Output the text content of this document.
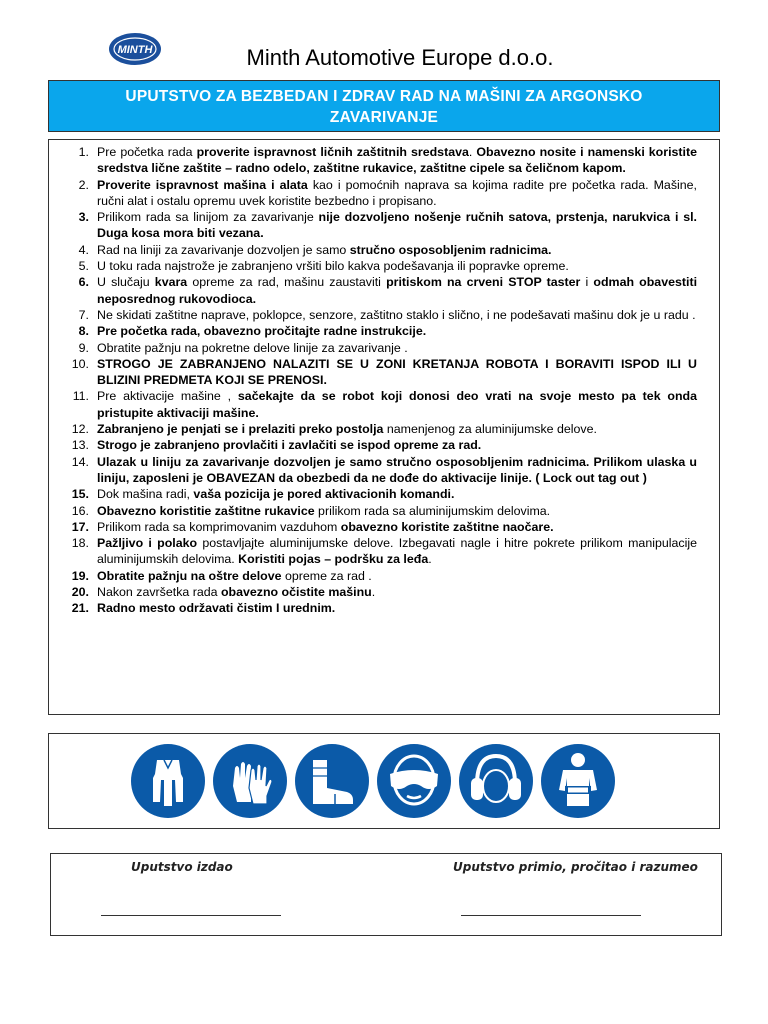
MINTH	Minth Automotive Europe d.o.o.
UPUTSTVO ZA BEZBEDAN I ZDRAV RAD NA MAŠINI ZA ARGONSKO
ZAVARIVANJE
1. Pre početka rada proverite ispravnost ličnih zaštitnih sredstava. Obavezno nosite i namenski koristite sredstva lične zaštite – radno odelo, zaštitne rukavice, zaštitne cipele sa čeličnom kapom.
2. Proverite ispravnost mašina i alata kao i pomoćnih naprava sa kojima radite pre početka rada. Mašine, ručni alat i ostalu opremu uvek koristite bezbedno i propisano.
3. Prilikom rada sa linijom za zavarivanje nije dozvoljeno nošenje ručnih satova, prstenja, narukvica i sl. Duga kosa mora biti vezana.
4. Rad na liniji za zavarivanje dozvoljen je samo stručno osposobljenim radnicima.
5. U toku rada najstrože je zabranjeno vršiti bilo kakva podešavanja ili popravke opreme.
6. U slučaju kvara opreme za rad, mašinu zaustaviti pritiskom na crveni STOP taster i odmah obavestiti neposrednog rukovodioca.
7. Ne skidati zaštitne naprave, poklopce, senzore, zaštitno staklo i slično, i ne podešavati mašinu dok je u radu .
8. Pre početka rada, obavezno pročitajte radne instrukcije.
9. Obratite pažnju na pokretne delove linije za zavarivanje .
10. STROGO JE ZABRANJENO NALAZITI SE U ZONI KRETANJA ROBOTA I BORAVITI ISPOD ILI U BLIZINI PREDMETA KOJI SE PRENOSI.
11. Pre aktivacije mašine , sačekajte da se robot koji donosi deo vrati na svoje mesto pa tek onda pristupite aktivaciji mašine.
12. Zabranjeno je penjati se i prelaziti preko postolja namenjenog za aluminijumske delove.
13. Strogo je zabranjeno provlačiti i zavlačiti se ispod opreme za rad.
14. Ulazak u liniju za zavarivanje dozvoljen je samo stručno osposobljenim radnicima. Prilikom ulaska u liniju, zaposleni je OBAVEZAN da obezbedi da ne dođe do aktivacije linije. ( Lock out tag out )
15. Dok mašina radi, vaša pozicija je pored aktivacionih komandi.
16. Obavezno koristitie zaštitne rukavice prilikom rada sa aluminijumskim delovima.
17. Prilikom rada sa komprimovanim vazduhom obavezno koristite zaštitne naočare.
18. Pažljivo i polako postavljajte aluminijumske delove. Izbegavati nagle i hitre pokrete prilikom manipulacije aluminijumskih delovima. Koristiti pojas – podršku za leđa.
19. Obratite pažnju na oštre delove opreme za rad .
20. Nakon završetka rada obavezno očistite mašinu.
21. Radno mesto održavati čistim I urednim.
Uputstvo izdao	Uputstvo primio, pročitao i razumeo
